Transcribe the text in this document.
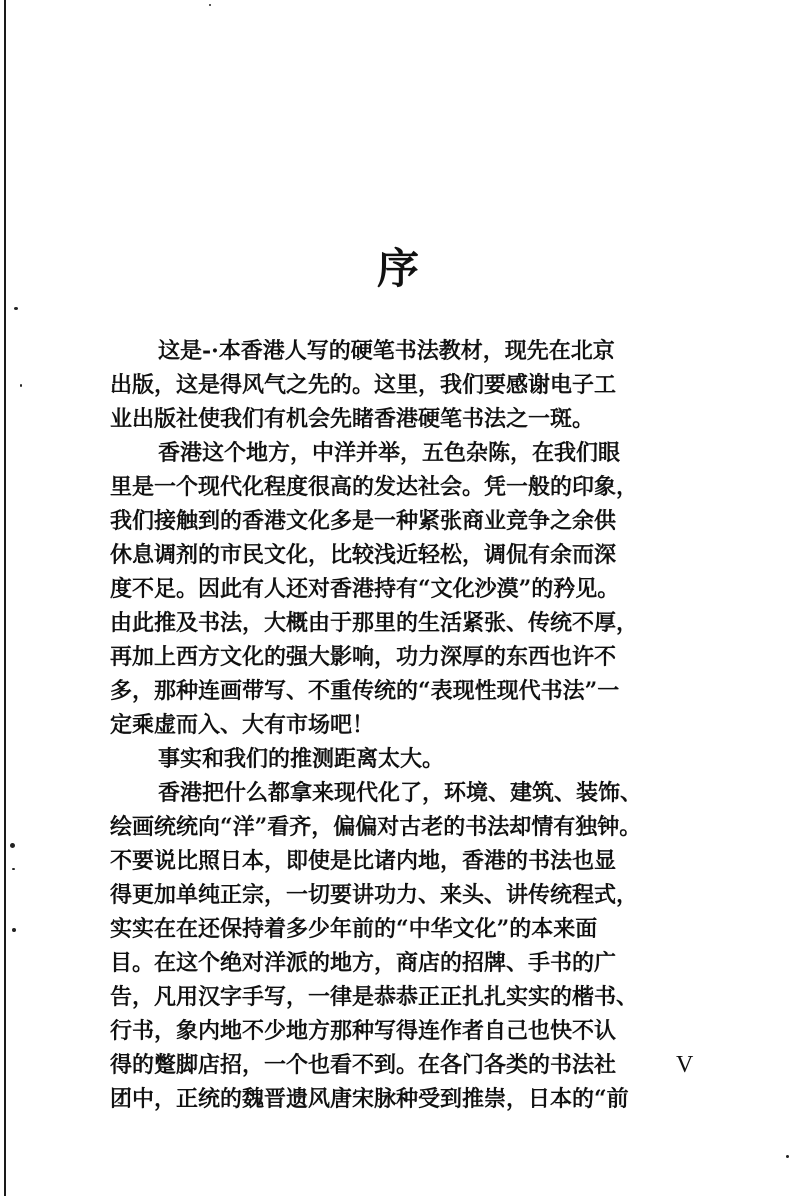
序
这是-·本香港人写的硬笔书法教材，现先在北京
出版，这是得风气之先的。这里，我们要感谢电子工
业出版社使我们有机会先睹香港硬笔书法之一斑。
香港这个地方，中洋并举，五色杂陈，在我们眼
里是一个现代化程度很高的发达社会。凭一般的印象，
我们接触到的香港文化多是一种紧张商业竞争之余供
休息调剂的市民文化，比较浅近轻松，调侃有余而深
度不足。因此有人还对香港持有“文化沙漠”的矜见。
由此推及书法，大概由于那里的生活紧张、传统不厚，
再加上西方文化的强大影响，功力深厚的东西也许不
多，那种连画带写、不重传统的“表现性现代书法”一
定乘虚而入、大有市场吧！
事实和我们的推测距离太大。
香港把什么都拿来现代化了，环境、建筑、装饰、
绘画统统向“洋”看齐，偏偏对古老的书法却情有独钟。
不要说比照日本，即使是比诸内地，香港的书法也显
得更加单纯正宗，一切要讲功力、来头、讲传统程式，
实实在在还保持着多少年前的“中华文化”的本来面
目。在这个绝对洋派的地方，商店的招牌、手书的广
告，凡用汉字手写，一律是恭恭正正扎扎实实的楷书、
行书，象内地不少地方那种写得连作者自己也快不认
得的蹩脚店招，一个也看不到。在各门各类的书法社
团中，正统的魏晋遗风唐宋脉种受到推崇，日本的“前
V
